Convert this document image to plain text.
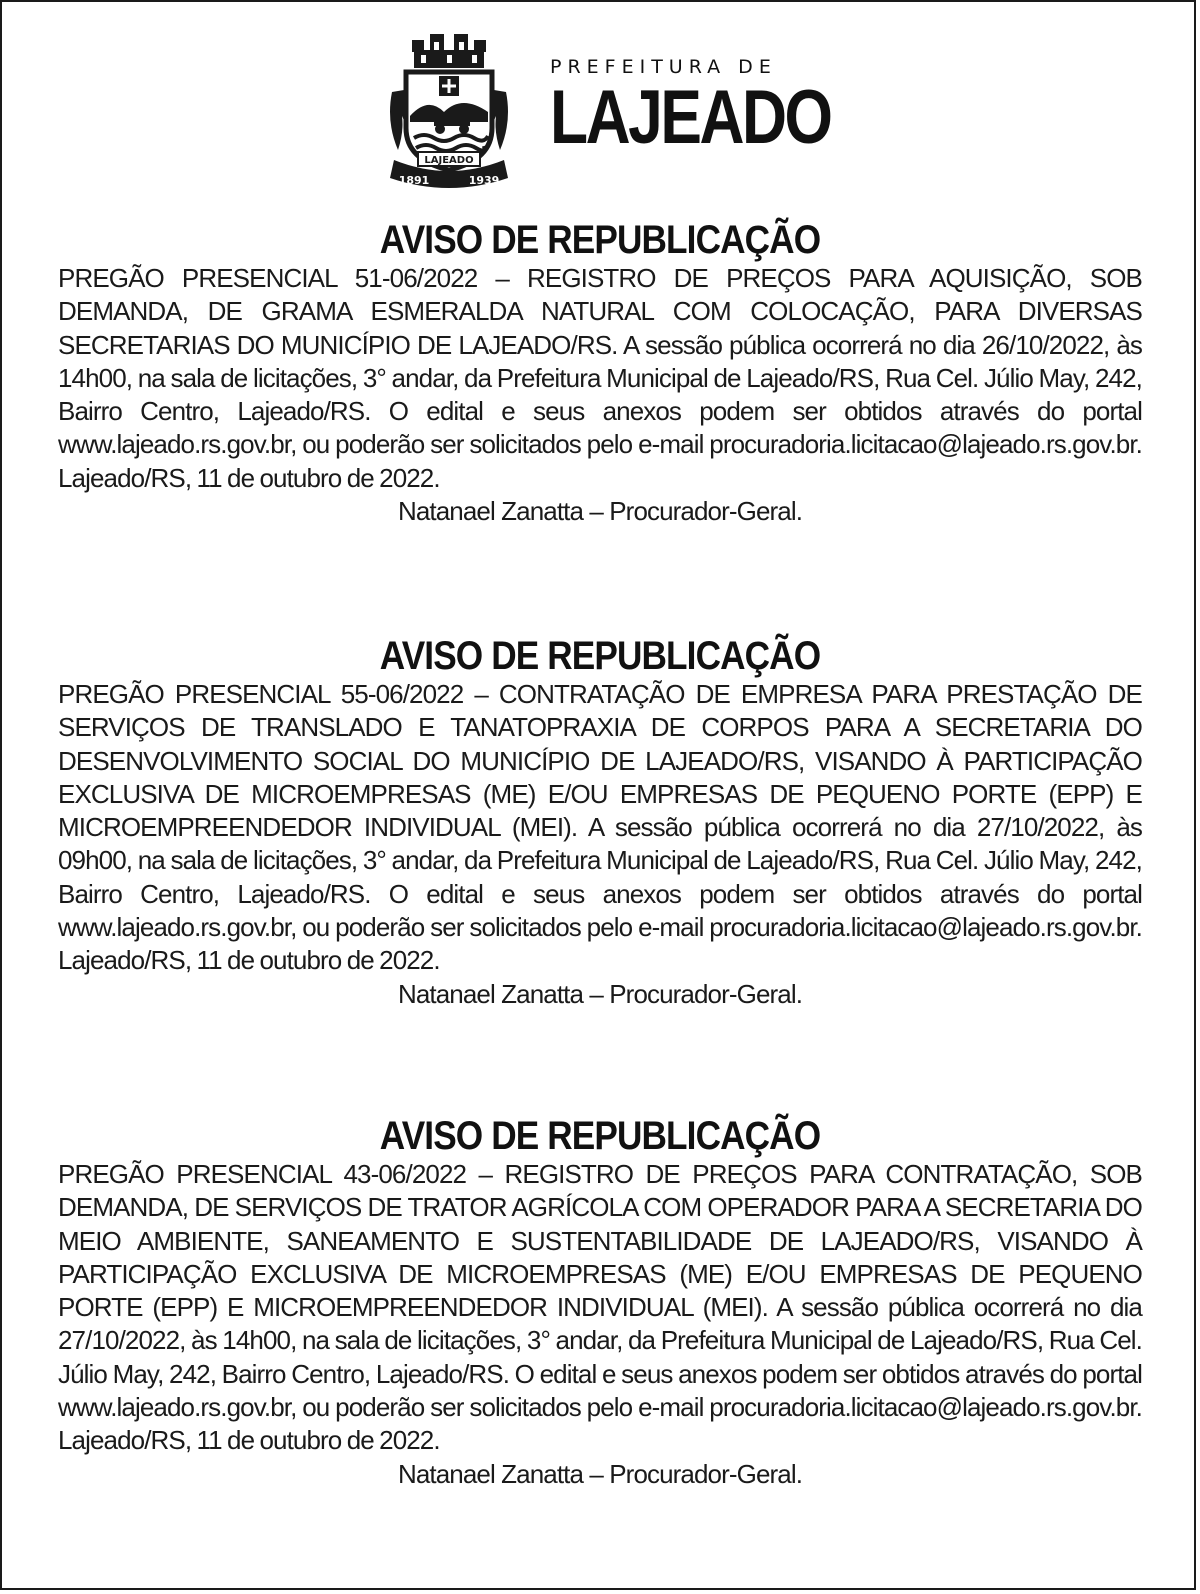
LAJEADO
1891	1939
PREFEITURA DE
LAJEADO
AVISO DE REPUBLICAÇÃO
PREGÃO PRESENCIAL 51-06/2022 – REGISTRO DE PREÇOS PARA AQUISIÇÃO, SOB DEMANDA, DE GRAMA ESMERALDA NATURAL COM COLOCAÇÃO, PARA DIVERSAS SECRETARIAS DO MUNICÍPIO DE LAJEADO/RS. A sessão pública ocorrerá no dia 26/10/2022, às 14h00, na sala de licitações, 3° andar, da Prefeitura Municipal de Lajeado/RS, Rua Cel. Júlio May, 242, Bairro Centro, Lajeado/RS. O edital e seus anexos podem ser obtidos através do portal www.lajeado.rs.gov.br, ou poderão ser solicitados pelo e-mail procuradoria.licitacao@lajeado.rs.gov.br. Lajeado/RS, 11 de outubro de 2022.
Natanael Zanatta – Procurador-Geral.
AVISO DE REPUBLICAÇÃO
PREGÃO PRESENCIAL 55-06/2022 – CONTRATAÇÃO DE EMPRESA PARA PRESTAÇÃO DE SERVIÇOS DE TRANSLADO E TANATOPRAXIA DE CORPOS PARA A SECRETARIA DO DESENVOLVIMENTO SOCIAL DO MUNICÍPIO DE LAJEADO/RS, VISANDO À PARTICIPAÇÃO EXCLUSIVA DE MICROEMPRESAS (ME) E/OU EMPRESAS DE PEQUENO PORTE (EPP) E MICROEMPREENDEDOR INDIVIDUAL (MEI). A sessão pública ocorrerá no dia 27/10/2022, às 09h00, na sala de licitações, 3° andar, da Prefeitura Municipal de Lajeado/RS, Rua Cel. Júlio May, 242, Bairro Centro, Lajeado/RS. O edital e seus anexos podem ser obtidos através do portal www.lajeado.rs.gov.br, ou poderão ser solicitados pelo e-mail procuradoria.licitacao@lajeado.rs.gov.br. Lajeado/RS, 11 de outubro de 2022.
Natanael Zanatta – Procurador-Geral.
AVISO DE REPUBLICAÇÃO
PREGÃO PRESENCIAL 43-06/2022 – REGISTRO DE PREÇOS PARA CONTRATAÇÃO, SOB DEMANDA, DE SERVIÇOS DE TRATOR AGRÍCOLA COM OPERADOR PARA A SECRETARIA DO MEIO AMBIENTE, SANEAMENTO E SUSTENTABILIDADE DE LAJEADO/RS, VISANDO À PARTICIPAÇÃO EXCLUSIVA DE MICROEMPRESAS (ME) E/OU EMPRESAS DE PEQUENO PORTE (EPP) E MICROEMPREENDEDOR INDIVIDUAL (MEI). A sessão pública ocorrerá no dia 27/10/2022, às 14h00, na sala de licitações, 3° andar, da Prefeitura Municipal de Lajeado/RS, Rua Cel. Júlio May, 242, Bairro Centro, Lajeado/RS. O edital e seus anexos podem ser obtidos através do portal www.lajeado.rs.gov.br, ou poderão ser solicitados pelo e-mail procuradoria.licitacao@lajeado.rs.gov.br. Lajeado/RS, 11 de outubro de 2022.
Natanael Zanatta – Procurador-Geral.
